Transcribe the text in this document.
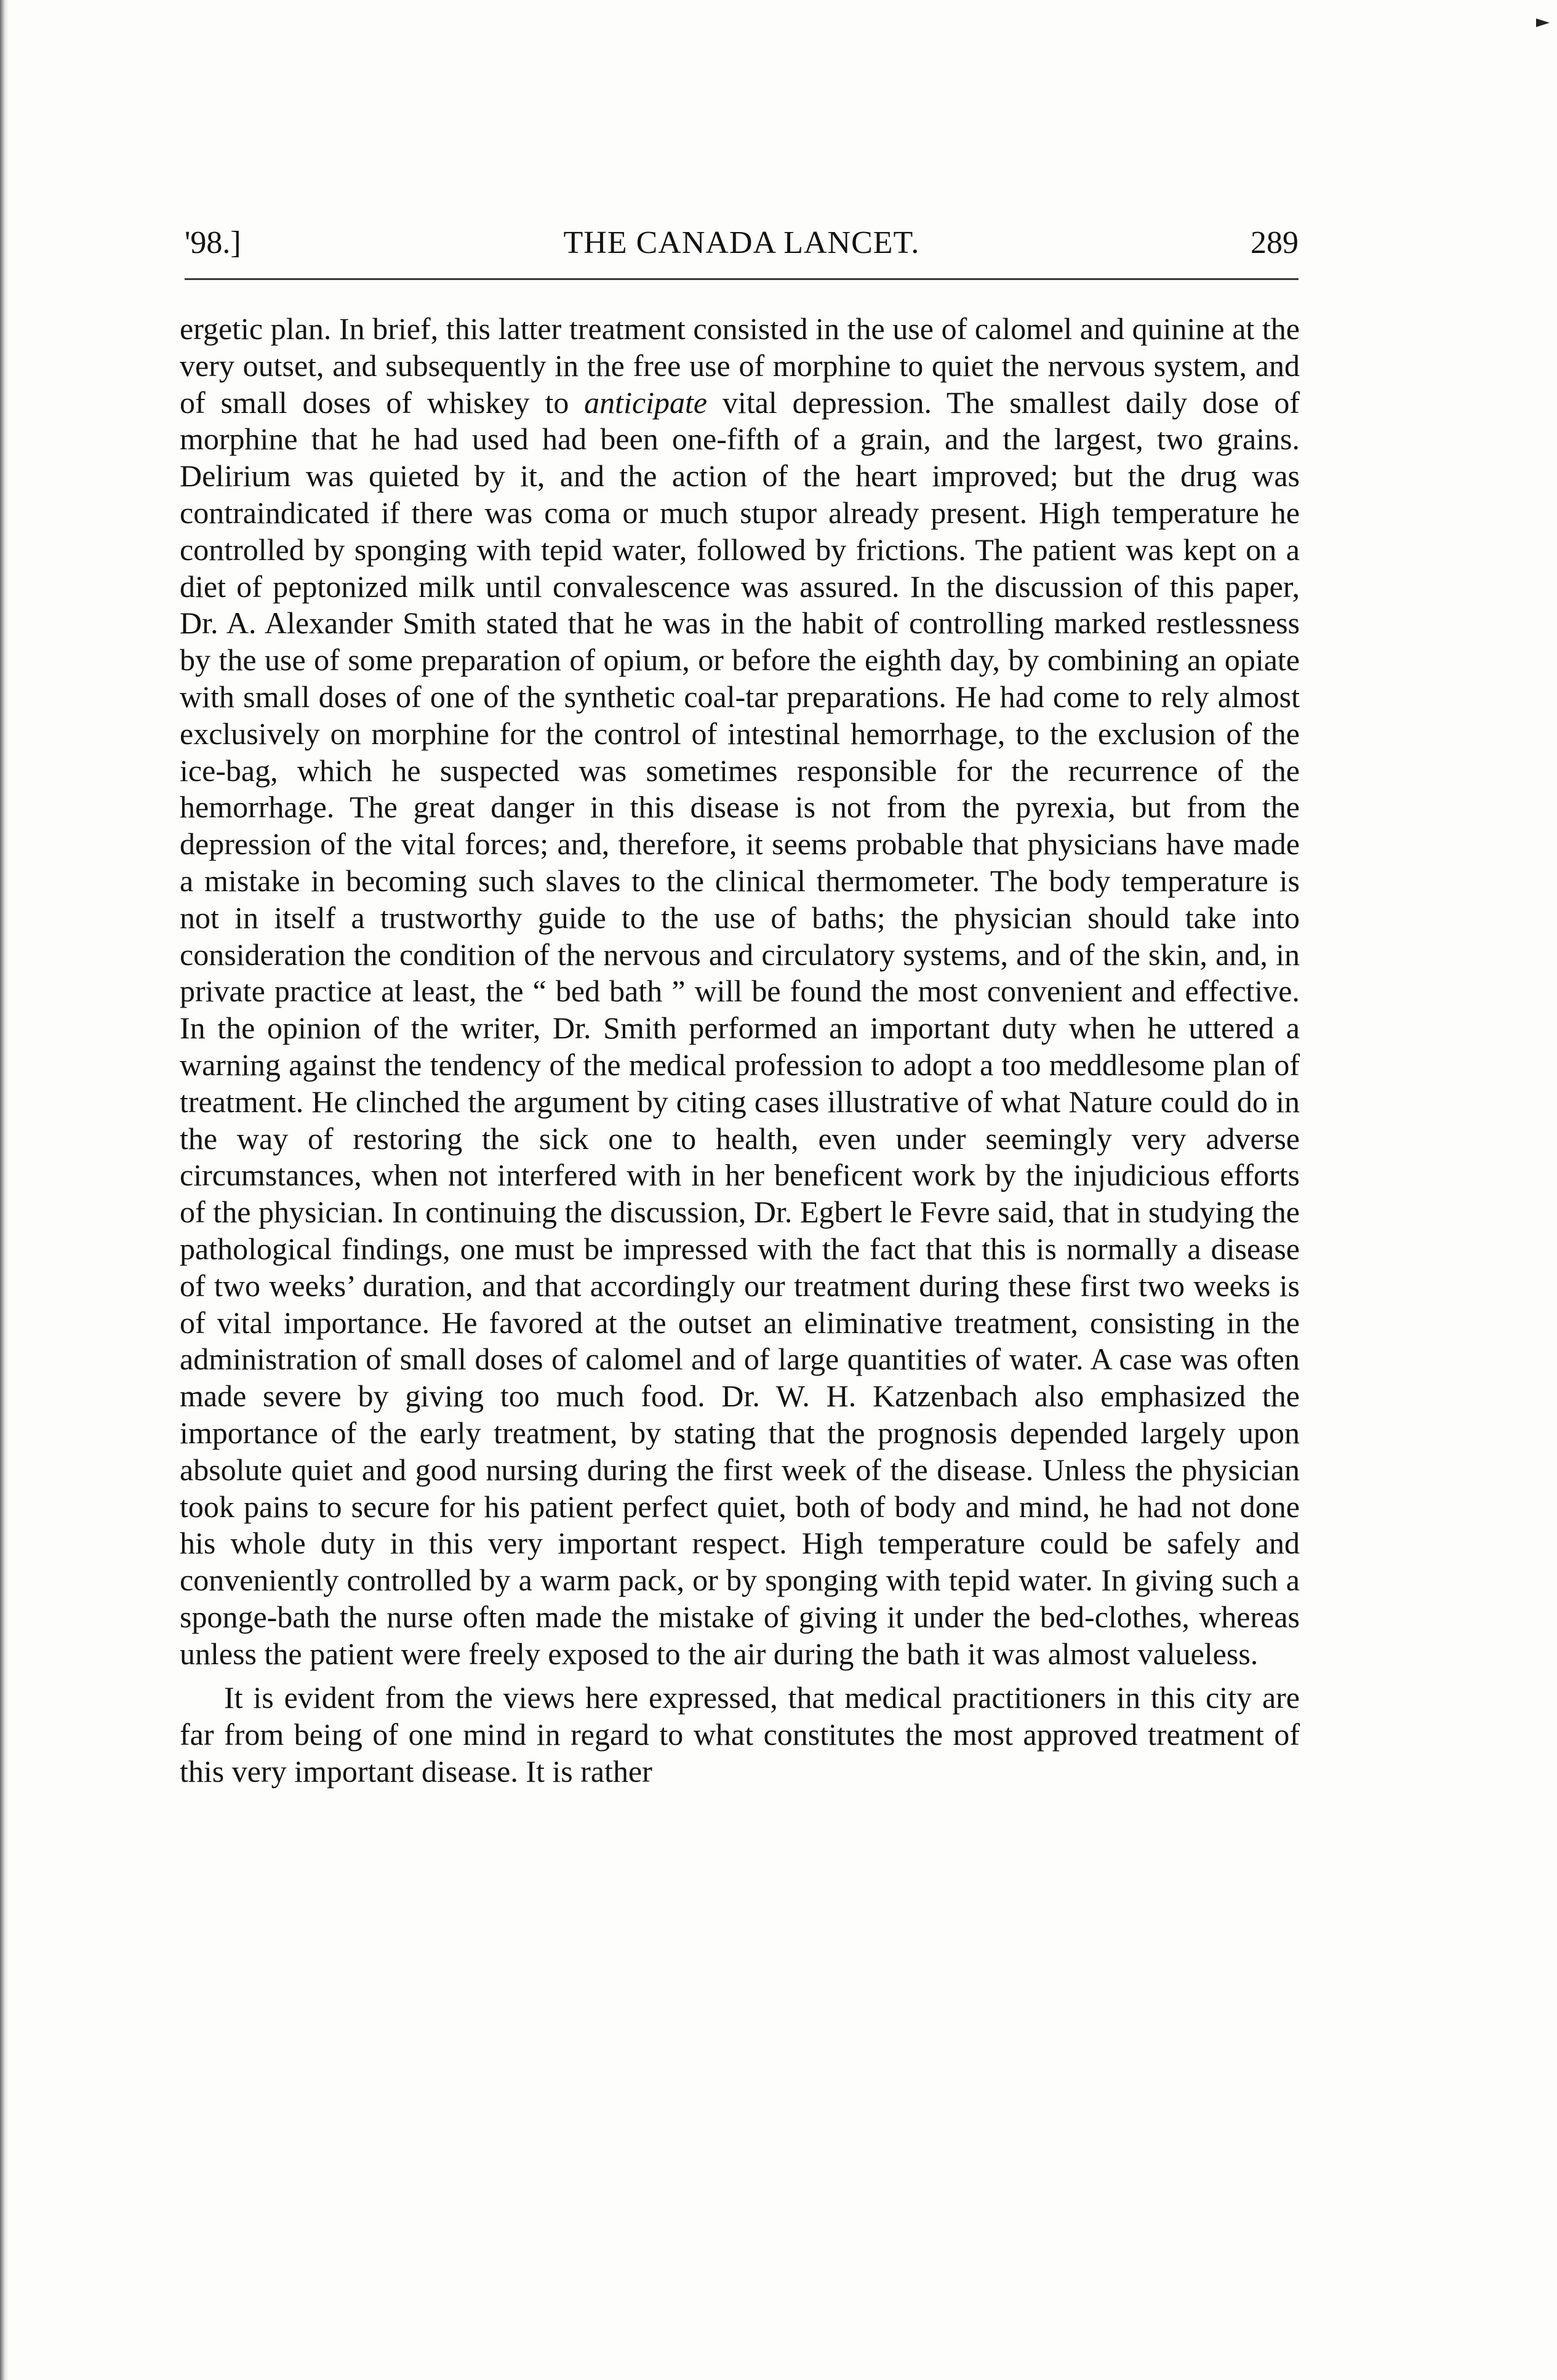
THE CANADA LANCET.
'98.]	289

ergetic plan. In brief, this latter treatment consisted in the use of calomel and quinine at the very outset, and subsequently in the free use of morphine to quiet the nervous system, and of small doses of whiskey to anticipate vital depression. The smallest daily dose of morphine that he had used had been one-fifth of a grain, and the largest, two grains. Delirium was quieted by it, and the action of the heart improved; but the drug was contraindicated if there was coma or much stupor already present. High temperature he controlled by sponging with tepid water, followed by frictions. The patient was kept on a diet of peptonized milk until convalescence was assured. In the discussion of this paper, Dr. A. Alexander Smith stated that he was in the habit of controlling marked restlessness by the use of some preparation of opium, or before the eighth day, by combining an opiate with small doses of one of the synthetic coal-tar preparations. He had come to rely almost exclusively on morphine for the control of intestinal hemorrhage, to the exclusion of the ice-bag, which he suspected was sometimes responsible for the recurrence of the hemorrhage. The great danger in this disease is not from the pyrexia, but from the depression of the vital forces; and, therefore, it seems probable that physicians have made a mistake in becoming such slaves to the clinical thermometer. The body temperature is not in itself a trustworthy guide to the use of baths; the physician should take into consideration the condition of the nervous and circulatory systems, and of the skin, and, in private practice at least, the “ bed bath ” will be found the most convenient and effective. In the opinion of the writer, Dr. Smith performed an important duty when he uttered a warning against the tendency of the medical profession to adopt a too meddlesome plan of treatment. He clinched the argument by citing cases illustrative of what Nature could do in the way of restoring the sick one to health, even under seemingly very adverse circumstances, when not interfered with in her beneficent work by the injudicious efforts of the physician. In continuing the discussion, Dr. Egbert le Fevre said, that in studying the pathological findings, one must be impressed with the fact that this is normally a disease of two weeks’ duration, and that accordingly our treatment during these first two weeks is of vital importance. He favored at the outset an eliminative treatment, consisting in the administration of small doses of calomel and of large quantities of water. A case was often made severe by giving too much food. Dr. W. H. Katzenbach also emphasized the importance of the early treatment, by stating that the prognosis depended largely upon absolute quiet and good nursing during the first week of the disease. Unless the physician took pains to secure for his patient perfect quiet, both of body and mind, he had not done his whole duty in this very important respect. High temperature could be safely and conveniently controlled by a warm pack, or by sponging with tepid water. In giving such a sponge-bath the nurse often made the mistake of giving it under the bed-clothes, whereas unless the patient were freely exposed to the air during the bath it was almost valueless.

It is evident from the views here expressed, that medical practitioners in this city are far from being of one mind in regard to what constitutes the most approved treatment of this very important disease. It is rather
